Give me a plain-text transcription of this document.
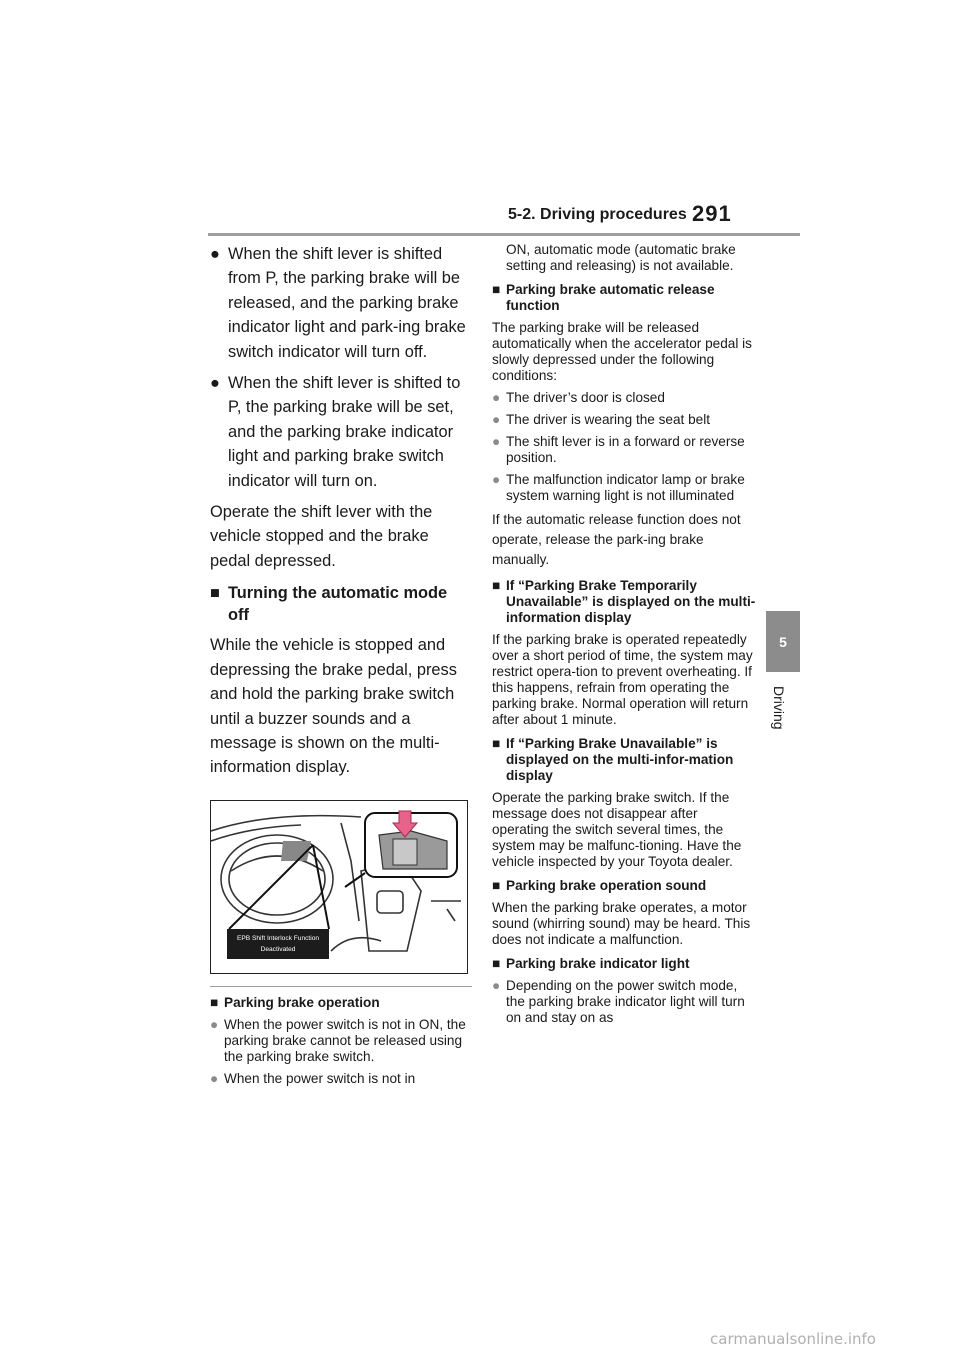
5-2. Driving procedures 291
5
Driving
● When the shift lever is shifted from P, the parking brake will be released, and the parking brake indicator light and park-ing brake switch indicator will turn off.
● When the shift lever is shifted to P, the parking brake will be set, and the parking brake indicator light and parking brake switch indicator will turn on.

Operate the shift lever with the vehicle stopped and the brake pedal depressed.

■ Turning the automatic mode off

While the vehicle is stopped and depressing the brake pedal, press and hold the parking brake switch until a buzzer sounds and a message is shown on the multi-information display.

EPB Shift Interlock Function
Deactivated
■ Parking brake operation
● When the power switch is not in ON, the parking brake cannot be released using the parking brake switch.
● When the power switch is not in

ON, automatic mode (automatic brake setting and releasing) is not available.

■ Parking brake automatic release function

The parking brake will be released automatically when the accelerator pedal is slowly depressed under the following conditions:

● The driver’s door is closed
● The driver is wearing the seat belt
● The shift lever is in a forward or reverse position.
● The malfunction indicator lamp or brake system warning light is not illuminated

If the automatic release function does not operate, release the park-ing brake manually.

■ If “Parking Brake Temporarily Unavailable” is displayed on the multi-information display

If the parking brake is operated repeatedly over a short period of time, the system may restrict opera-tion to prevent overheating. If this happens, refrain from operating the parking brake. Normal operation will return after about 1 minute.

■ If “Parking Brake Unavailable” is displayed on the multi-infor-mation display

Operate the parking brake switch. If the message does not disappear after operating the switch several times, the system may be malfunc-tioning. Have the vehicle inspected by your Toyota dealer.

■ Parking brake operation sound

When the parking brake operates, a motor sound (whirring sound) may be heard. This does not indicate a malfunction.

■ Parking brake indicator light
● Depending on the power switch mode, the parking brake indicator light will turn on and stay on as
carmanualsonline.info
